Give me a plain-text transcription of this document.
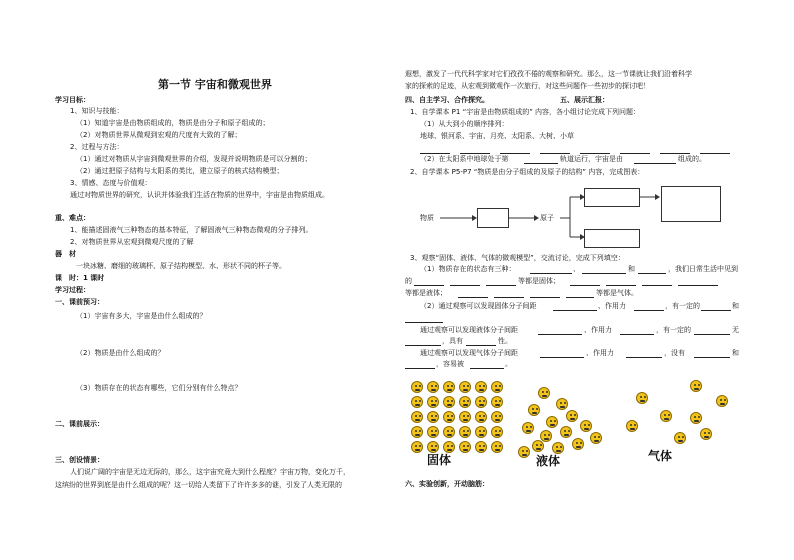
第一节 宇宙和微观世界
学习目标：
1、知识与技能：
（1）知道宇宙是由物质组成的，物质是由分子和原子组成的；
（2）对物质世界从微观到宏观的尺度有大致的了解；
2、过程与方法：
（1）通过对物质从宇宙到微观世界的介绍，发现并说明物质是可以分割的；
（2）通过把原子结构与太阳系的类比，建立原子的核式结构模型；
3、情感、态度与价值观：
通过对物质世界的研究，认识并体验我们生活在物质的世界中，宇宙是由物质组成。
重、难点：
1、能描述固液气三种物态的基本特征，了解固液气三种物态微观的分子排列。
2、对物质世界从宏观到微观尺度的了解
器　材
一块冰糖、磨细的玻璃杯、原子结构模型、水、形状不同的杯子等。
课　时：1 课时
学习过程：
一、课前预习：
（1）宇宙有多大，宇宙是由什么组成的？
（2）物质是由什么组成的？
（3）物质存在的状态有哪些，它们分别有什么特点？
二、课前展示：
三、创设情景：
人们说广阔的宇宙是无边无际的，那么，这宇宙究竟大到什么程度？宇宙万物，变化万千，
这缤纷的世界到底是由什么组成的呢？这一切给人类留下了许许多多的谜，引发了人类无限的
遐想，激发了一代代科学家对它们孜孜不倦的观察和研究。那么，这一节课就让我们沿着科学
家的探索的足迹，从宏观到微观作一次旅行，对这些问题作一些初步的探讨吧！
四、自主学习、合作探究。	五、展示汇报：
1、自学课本 P1 “宇宙是由物质组成的” 内容，各小组讨论完成下列问题：
（1）从大到小的顺序排列：
地球、银河系、宇宙、月亮、太阳系、大树、小草
（2）在太阳系中地球处于第	轨道运行，宇宙是由	组成的。
2、自学课本 P5-P7 “物质是由分子组成的及原子的结构” 内容，完成图表：
物质	原子
3、观察“固体、液体、气体的微观模型”，交流讨论，完成下列填空：
（1）物质存在的状态有三种：	、	和	，我们日常生活中见到
的	等都是固体；
等都是液体；	等都是气体。
（2）通过观察可以发现固体分子间距	、作用力	，有一定的	和
通过观察可以发现液体分子间距	、作用力	，有一定的	无
，具有	性。
通过观察可以发现气体分子间距	、作用力	，没有	和
，容易被	。
固体	液体	气体
六、实验创新，开动脑筋：
